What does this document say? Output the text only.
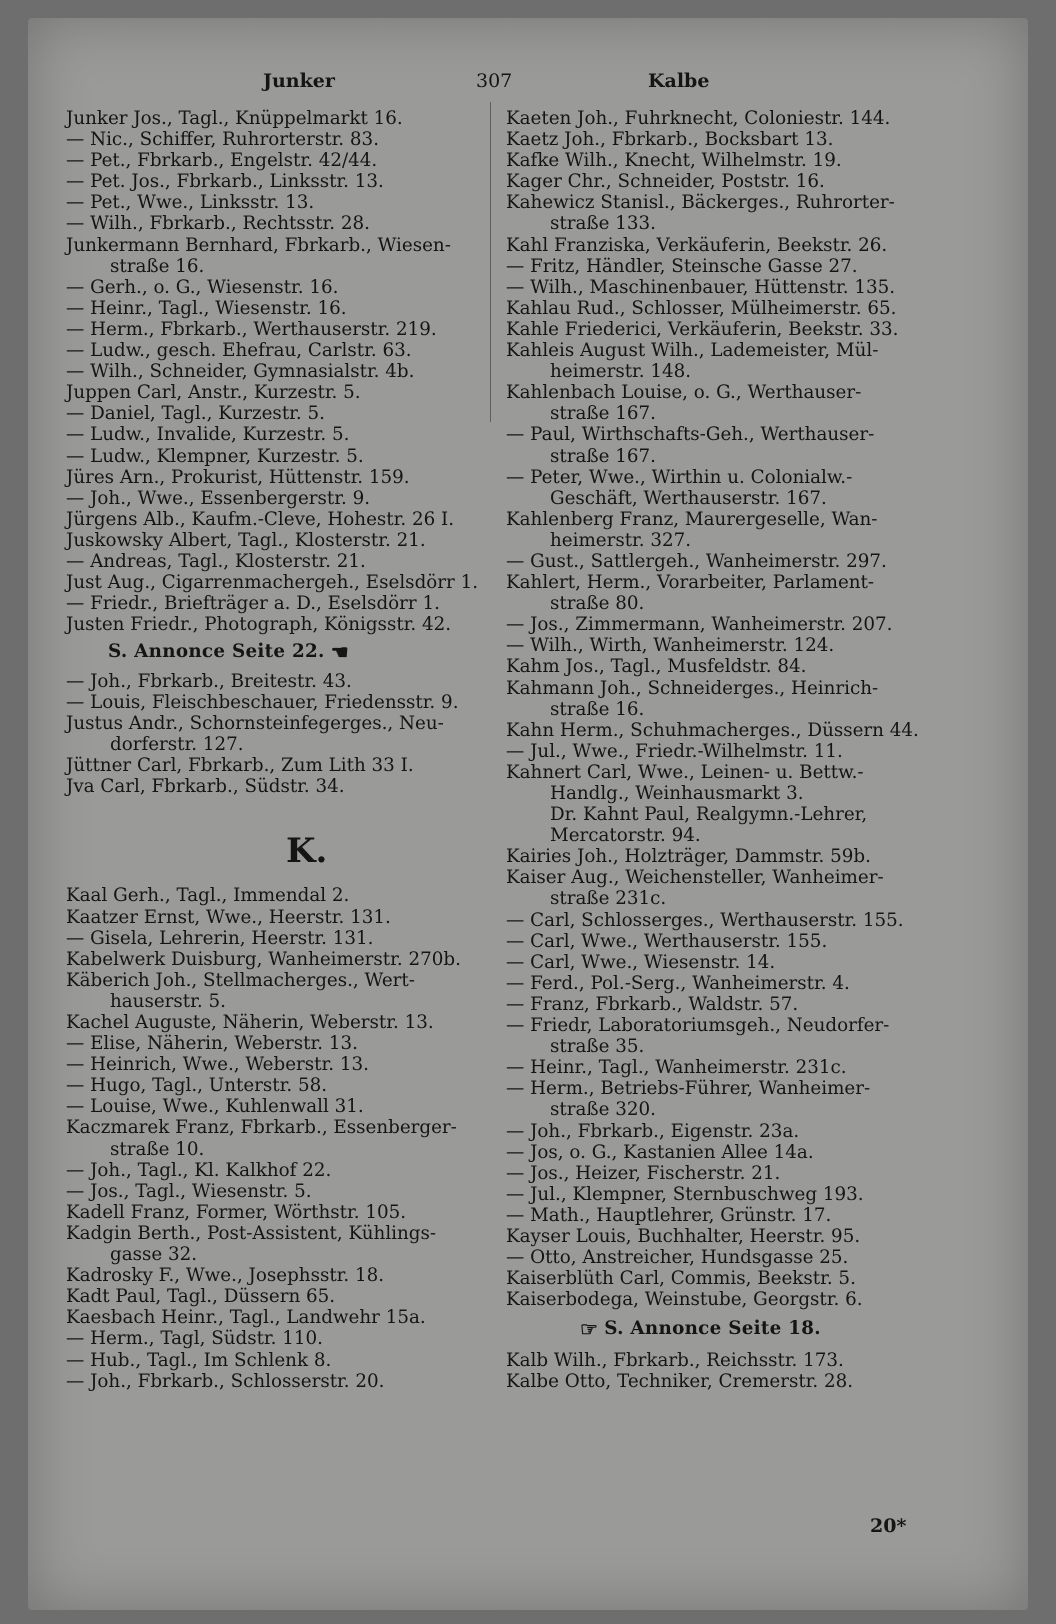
Junker	307	Kalbe
Junker Jos., Tagl., Knüppelmarkt 16.
— Nic., Schiffer, Ruhrorterstr. 83.
— Pet., Fbrkarb., Engelstr. 42/44.
— Pet. Jos., Fbrkarb., Linksstr. 13.
— Pet., Wwe., Linksstr. 13.
— Wilh., Fbrkarb., Rechtsstr. 28.
Junkermann Bernhard, Fbrkarb., Wiesen-
straße 16.
— Gerh., o. G., Wiesenstr. 16.
— Heinr., Tagl., Wiesenstr. 16.
— Herm., Fbrkarb., Werthauserstr. 219.
— Ludw., gesch. Ehefrau, Carlstr. 63.
— Wilh., Schneider, Gymnasialstr. 4b.
Juppen Carl, Anstr., Kurzestr. 5.
— Daniel, Tagl., Kurzestr. 5.
— Ludw., Invalide, Kurzestr. 5.
— Ludw., Klempner, Kurzestr. 5.
Jüres Arn., Prokurist, Hüttenstr. 159.
— Joh., Wwe., Essenbergerstr. 9.
Jürgens Alb., Kaufm.-Cleve, Hohestr. 26 I.
Juskowsky Albert, Tagl., Klosterstr. 21.
— Andreas, Tagl., Klosterstr. 21.
Just Aug., Cigarrenmachergeh., Eselsdörr 1.
— Friedr., Briefträger a. D., Eselsdörr 1.
Justen Friedr., Photograph, Königsstr. 42.
S. Annonce Seite 22. ☚
— Joh., Fbrkarb., Breitestr. 43.
— Louis, Fleischbeschauer, Friedensstr. 9.
Justus Andr., Schornsteinfegerges., Neu-
dorferstr. 127.
Jüttner Carl, Fbrkarb., Zum Lith 33 I.
Jva Carl, Fbrkarb., Südstr. 34.
K.
Kaal Gerh., Tagl., Immendal 2.
Kaatzer Ernst, Wwe., Heerstr. 131.
— Gisela, Lehrerin, Heerstr. 131.
Kabelwerk Duisburg, Wanheimerstr. 270b.
Käberich Joh., Stellmacherges., Wert-
hauserstr. 5.
Kachel Auguste, Näherin, Weberstr. 13.
— Elise, Näherin, Weberstr. 13.
— Heinrich, Wwe., Weberstr. 13.
— Hugo, Tagl., Unterstr. 58.
— Louise, Wwe., Kuhlenwall 31.
Kaczmarek Franz, Fbrkarb., Essenberger-
straße 10.
— Joh., Tagl., Kl. Kalkhof 22.
— Jos., Tagl., Wiesenstr. 5.
Kadell Franz, Former, Wörthstr. 105.
Kadgin Berth., Post-Assistent, Kühlings-
gasse 32.
Kadrosky F., Wwe., Josephsstr. 18.
Kadt Paul, Tagl., Düssern 65.
Kaesbach Heinr., Tagl., Landwehr 15a.
— Herm., Tagl, Südstr. 110.
— Hub., Tagl., Im Schlenk 8.
— Joh., Fbrkarb., Schlosserstr. 20.
Kaeten Joh., Fuhrknecht, Coloniestr. 144.
Kaetz Joh., Fbrkarb., Bocksbart 13.
Kafke Wilh., Knecht, Wilhelmstr. 19.
Kager Chr., Schneider, Poststr. 16.
Kahewicz Stanisl., Bäckerges., Ruhrorter-
straße 133.
Kahl Franziska, Verkäuferin, Beekstr. 26.
— Fritz, Händler, Steinsche Gasse 27.
— Wilh., Maschinenbauer, Hüttenstr. 135.
Kahlau Rud., Schlosser, Mülheimerstr. 65.
Kahle Friederici, Verkäuferin, Beekstr. 33.
Kahleis August Wilh., Lademeister, Mül-
heimerstr. 148.
Kahlenbach Louise, o. G., Werthauser-
straße 167.
— Paul, Wirthschafts-Geh., Werthauser-
straße 167.
— Peter, Wwe., Wirthin u. Colonialw.-
Geschäft, Werthauserstr. 167.
Kahlenberg Franz, Maurergeselle, Wan-
heimerstr. 327.
— Gust., Sattlergeh., Wanheimerstr. 297.
Kahlert, Herm., Vorarbeiter, Parlament-
straße 80.
— Jos., Zimmermann, Wanheimerstr. 207.
— Wilh., Wirth, Wanheimerstr. 124.
Kahm Jos., Tagl., Musfeldstr. 84.
Kahmann Joh., Schneiderges., Heinrich-
straße 16.
Kahn Herm., Schuhmacherges., Düssern 44.
— Jul., Wwe., Friedr.-Wilhelmstr. 11.
Kahnert Carl, Wwe., Leinen- u. Bettw.-
Handlg., Weinhausmarkt 3.
Dr. Kahnt Paul, Realgymn.-Lehrer,
Mercatorstr. 94.
Kairies Joh., Holzträger, Dammstr. 59b.
Kaiser Aug., Weichensteller, Wanheimer-
straße 231c.
— Carl, Schlosserges., Werthauserstr. 155.
— Carl, Wwe., Werthauserstr. 155.
— Carl, Wwe., Wiesenstr. 14.
— Ferd., Pol.-Serg., Wanheimerstr. 4.
— Franz, Fbrkarb., Waldstr. 57.
— Friedr, Laboratoriumsgeh., Neudorfer-
straße 35.
— Heinr., Tagl., Wanheimerstr. 231c.
— Herm., Betriebs-Führer, Wanheimer-
straße 320.
— Joh., Fbrkarb., Eigenstr. 23a.
— Jos, o. G., Kastanien Allee 14a.
— Jos., Heizer, Fischerstr. 21.
— Jul., Klempner, Sternbuschweg 193.
— Math., Hauptlehrer, Grünstr. 17.
Kayser Louis, Buchhalter, Heerstr. 95.
— Otto, Anstreicher, Hundsgasse 25.
Kaiserblüth Carl, Commis, Beekstr. 5.
Kaiserbodega, Weinstube, Georgstr. 6.
☞ S. Annonce Seite 18.
Kalb Wilh., Fbrkarb., Reichsstr. 173.
Kalbe Otto, Techniker, Cremerstr. 28.
20*
